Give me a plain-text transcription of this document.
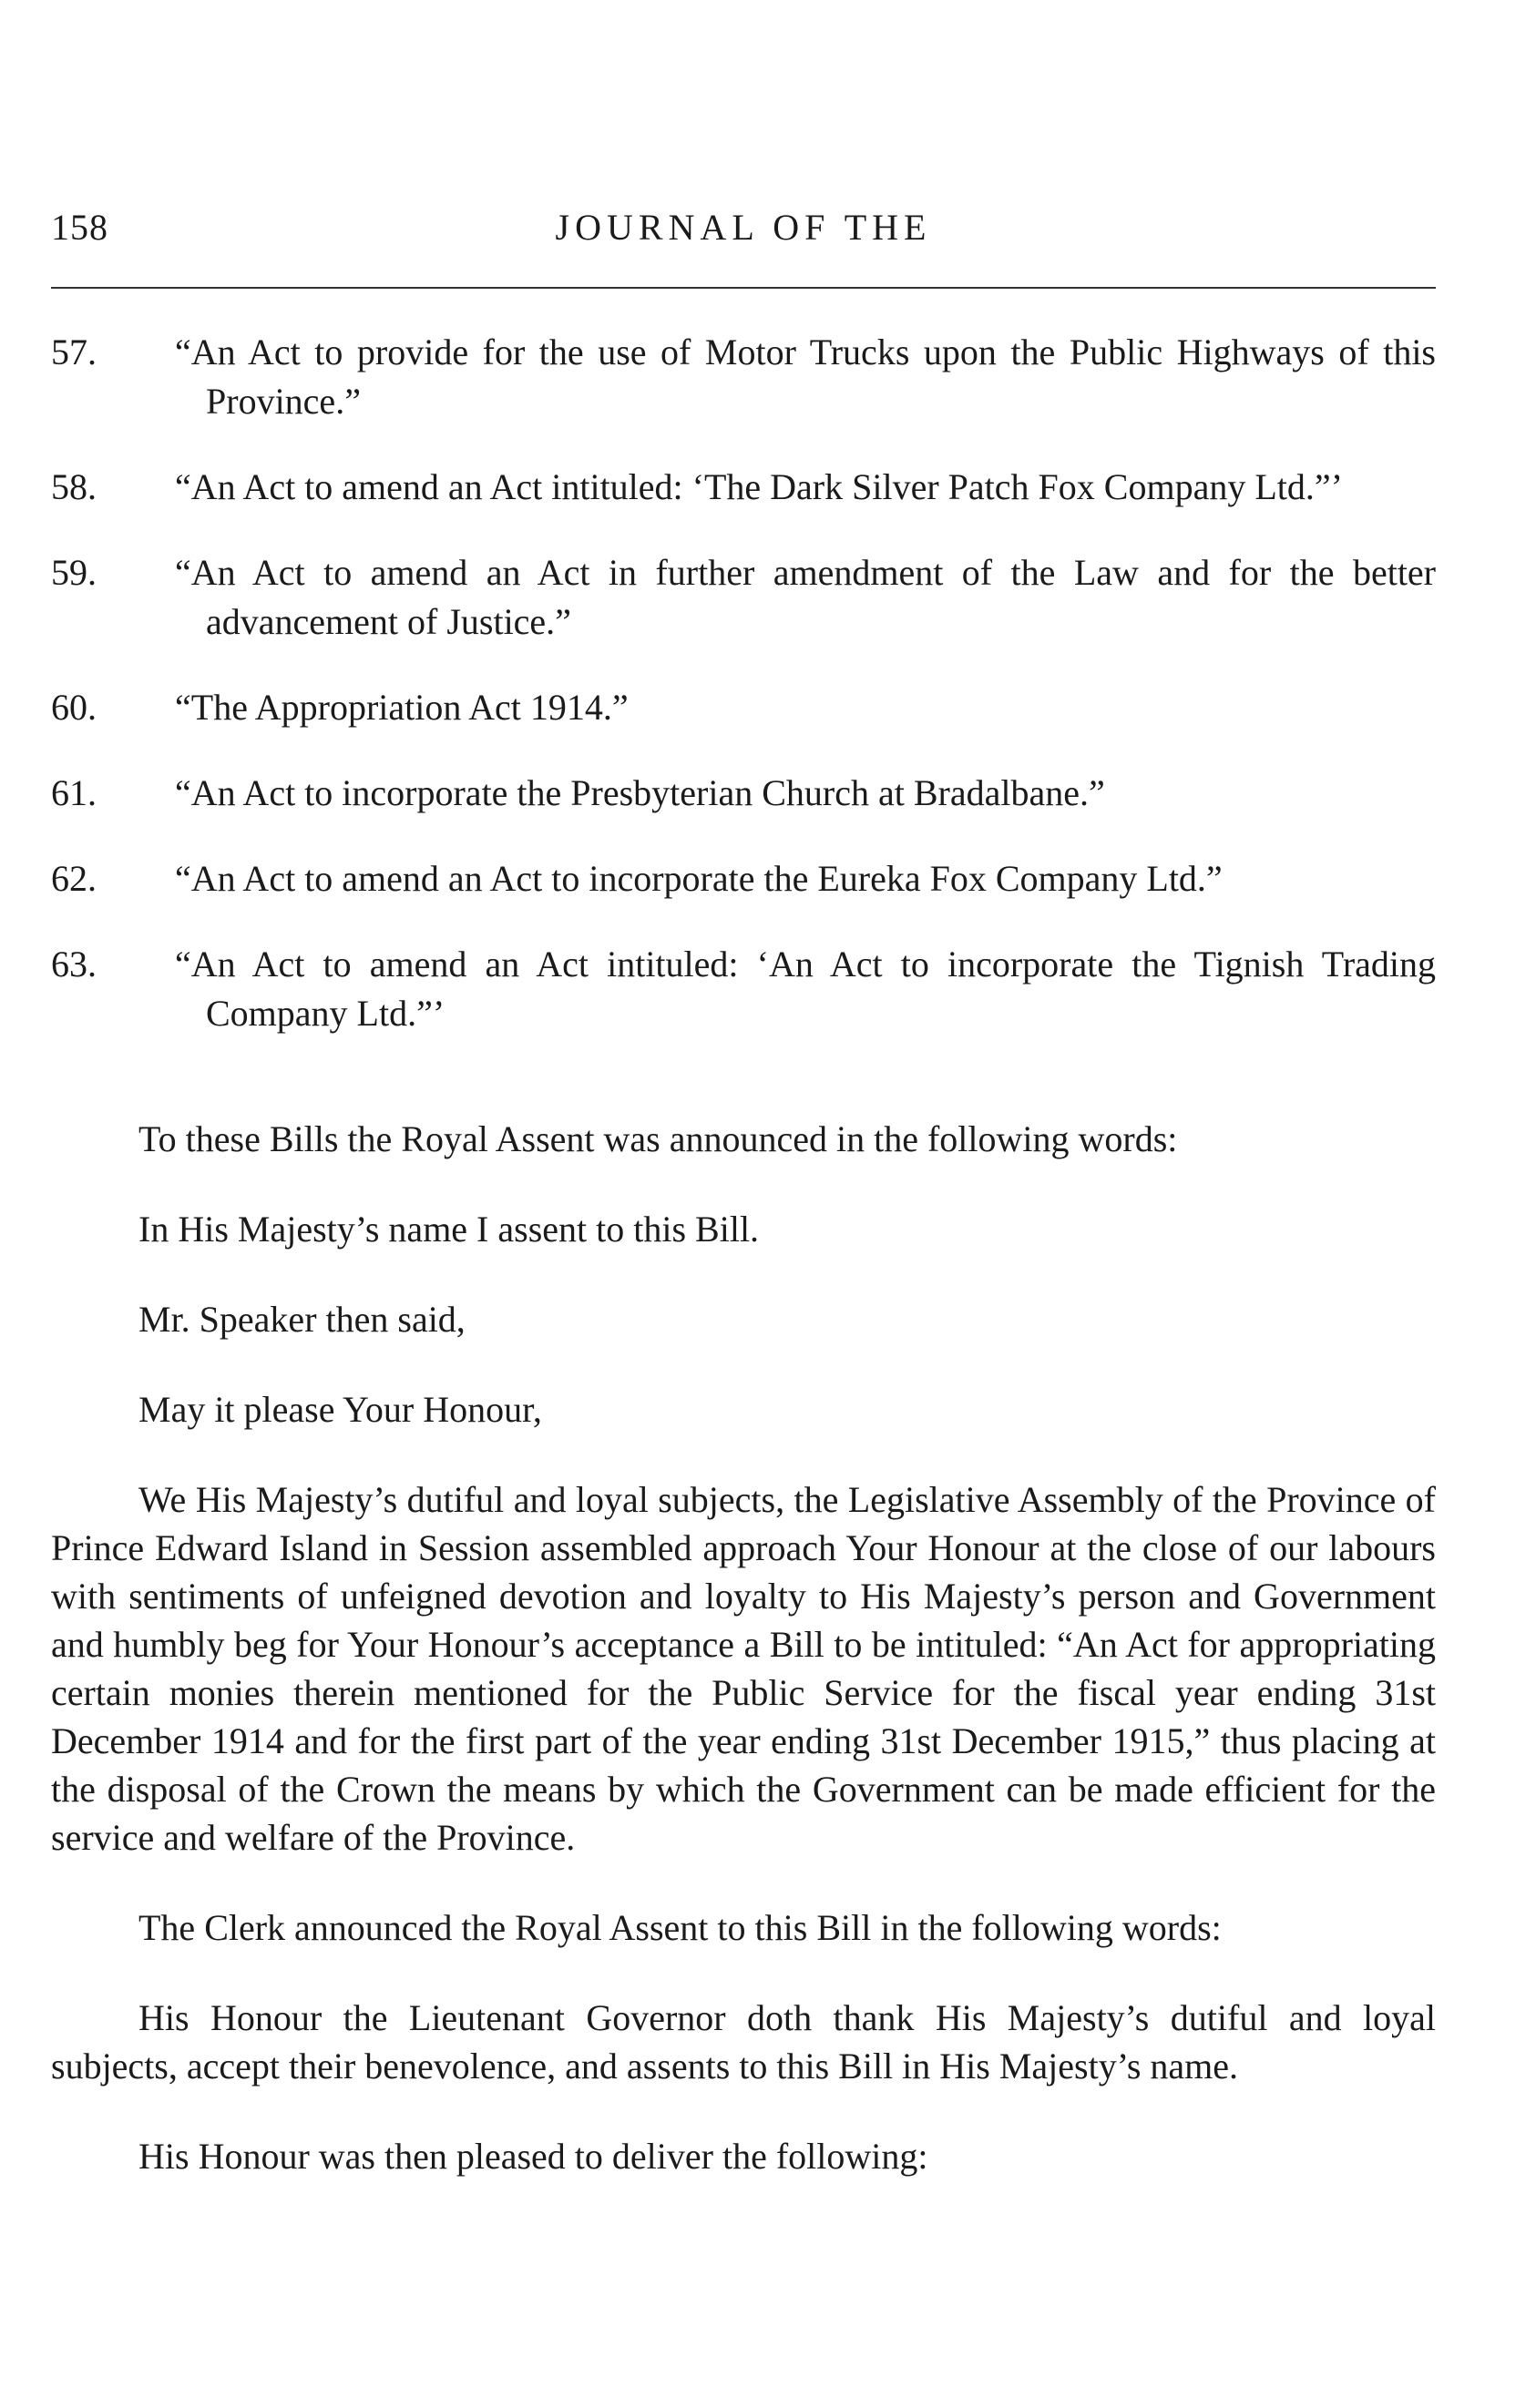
158	JOURNAL OF THE
57.	“An Act to provide for the use of Motor Trucks upon the Public Highways of this Province.”
58.	“An Act to amend an Act intituled: ‘The Dark Silver Patch Fox Company Ltd.”’
59.	“An Act to amend an Act in further amendment of the Law and for the better advancement of Justice.”
60.	“The Appropriation Act 1914.”
61.	“An Act to incorporate the Presbyterian Church at Bradalbane.”
62.	“An Act to amend an Act to incorporate the Eureka Fox Company Ltd.”
63.	“An Act to amend an Act intituled: ‘An Act to incorporate the Tignish Trading Company Ltd.”’

To these Bills the Royal Assent was announced in the following words:

In His Majesty’s name I assent to this Bill.

Mr. Speaker then said,

May it please Your Honour,

We His Majesty’s dutiful and loyal subjects, the Legislative Assembly of the Province of Prince Edward Island in Session assembled approach Your Honour at the close of our labours with sentiments of unfeigned devotion and loyalty to His Majesty’s person and Government and humbly beg for Your Honour’s acceptance a Bill to be intituled: “An Act for appropriating certain monies therein mentioned for the Public Service for the fiscal year ending 31st December 1914 and for the first part of the year ending 31st December 1915,” thus placing at the disposal of the Crown the means by which the Government can be made efficient for the service and welfare of the Province.

The Clerk announced the Royal Assent to this Bill in the following words:

His Honour the Lieutenant Governor doth thank His Majesty’s dutiful and loyal subjects, accept their benevolence, and assents to this Bill in His Majesty’s name.

His Honour was then pleased to deliver the following:
